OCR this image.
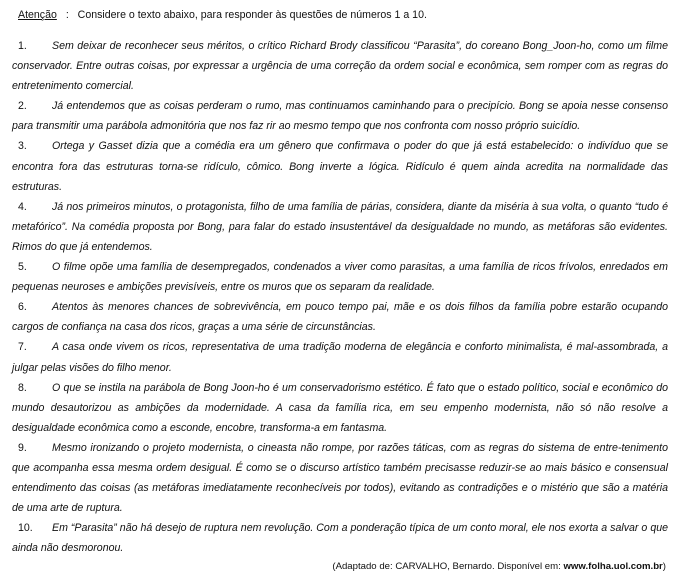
Atenção : Considere o texto abaixo, para responder às questões de números 1 a 10.

1. Sem deixar de reconhecer seus méritos, o crítico Richard Brody classificou “Parasita”, do coreano Bong_Joon-ho, como um filme conservador. Entre outras coisas, por expressar a urgência de uma correção da ordem social e econômica, sem romper com as regras do entretenimento comercial.

2. Já entendemos que as coisas perderam o rumo, mas continuamos caminhando para o precipício. Bong se apoia nesse consenso para transmitir uma parábola admonitória que nos faz rir ao mesmo tempo que nos confronta com nosso próprio suicídio.

3. Ortega y Gasset dizia que a comédia era um gênero que confirmava o poder do que já está estabelecido: o indivíduo que se encontra fora das estruturas torna-se ridículo, cômico. Bong inverte a lógica. Ridículo é quem ainda acredita na normalidade das estruturas.

4. Já nos primeiros minutos, o protagonista, filho de uma família de párias, considera, diante da miséria à sua volta, o quanto “tudo é metafórico”. Na comédia proposta por Bong, para falar do estado insustentável da desigualdade no mundo, as metáforas são evidentes. Rimos do que já entendemos.

5. O filme opõe uma família de desempregados, condenados a viver como parasitas, a uma família de ricos frívolos, enredados em pequenas neuroses e ambições previsíveis, entre os muros que os separam da realidade.

6. Atentos às menores chances de sobrevivência, em pouco tempo pai, mãe e os dois filhos da família pobre estarão ocupando cargos de confiança na casa dos ricos, graças a uma série de circunstâncias.

7. A casa onde vivem os ricos, representativa de uma tradição moderna de elegância e conforto minimalista, é mal-assombrada, a julgar pelas visões do filho menor.

8. O que se instila na parábola de Bong Joon-ho é um conservadorismo estético. É fato que o estado político, social e econômico do mundo desautorizou as ambições da modernidade. A casa da família rica, em seu empenho modernista, não só não resolve a desigualdade econômica como a esconde, encobre, transforma-a em fantasma.

9. Mesmo ironizando o projeto modernista, o cineasta não rompe, por razões táticas, com as regras do sistema de entre-tenimento que acompanha essa mesma ordem desigual. É como se o discurso artístico também precisasse reduzir-se ao mais básico e consensual entendimento das coisas (as metáforas imediatamente reconhecíveis por todos), evitando as contradições e o mistério que são a matéria de uma arte de ruptura.

10. Em “Parasita” não há desejo de ruptura nem revolução. Com a ponderação típica de um conto moral, ele nos exorta a salvar o que ainda não desmoronou.

(Adaptado de: CARVALHO, Bernardo. Disponível em: www.folha.uol.com.br)
